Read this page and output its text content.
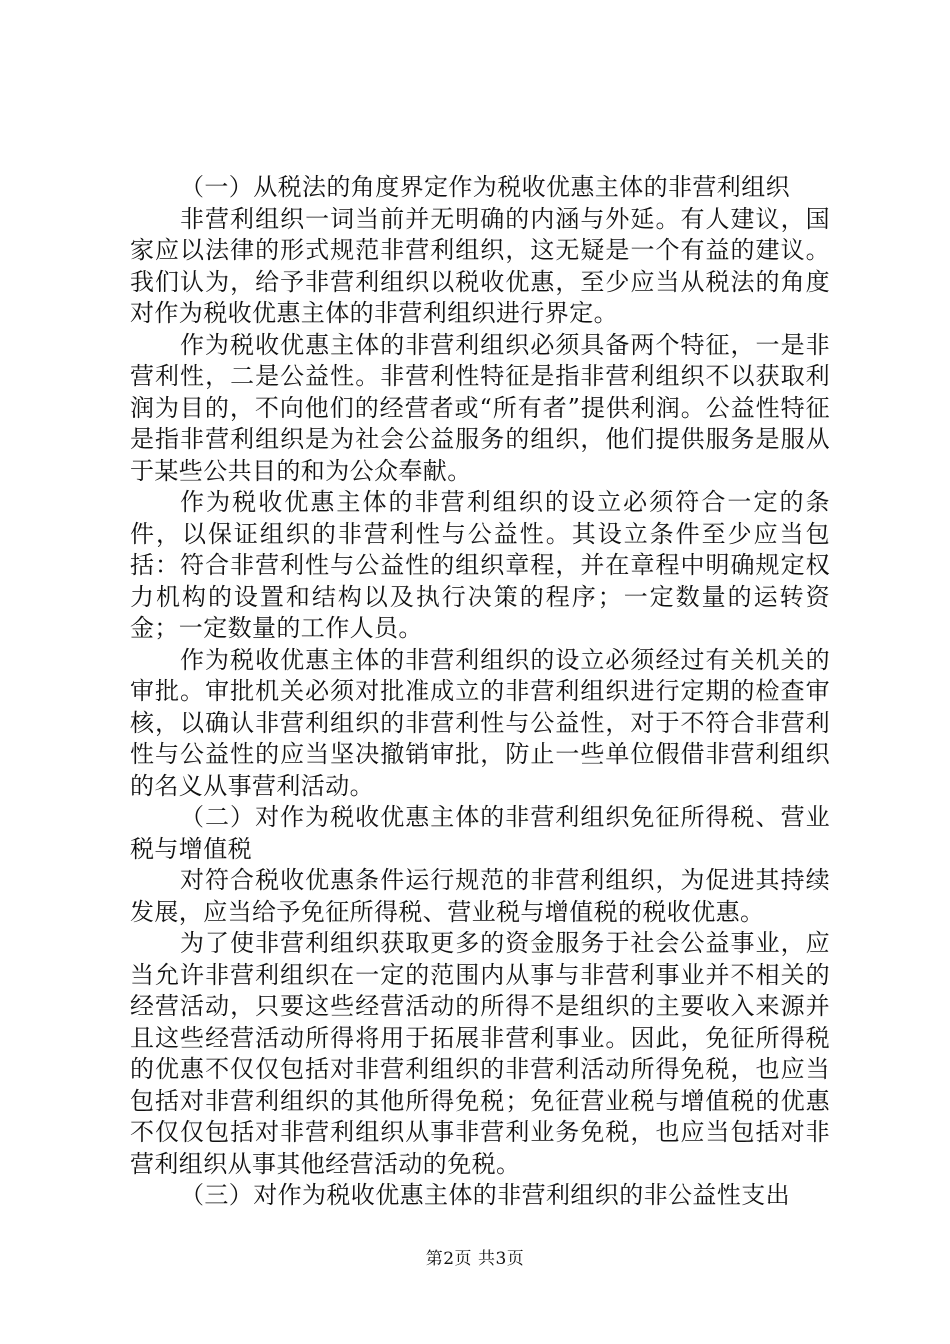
（一）从税法的角度界定作为税收优惠主体的非营利组织

非营利组织一词当前并无明确的内涵与外延。有人建议，国家应以法律的形式规范非营利组织，这无疑是一个有益的建议。我们认为，给予非营利组织以税收优惠，至少应当从税法的角度对作为税收优惠主体的非营利组织进行界定。

作为税收优惠主体的非营利组织必须具备两个特征，一是非营利性，二是公益性。非营利性特征是指非营利组织不以获取利润为目的，不向他们的经营者或“所有者”提供利润。公益性特征是指非营利组织是为社会公益服务的组织，他们提供服务是服从于某些公共目的和为公众奉献。

作为税收优惠主体的非营利组织的设立必须符合一定的条件，以保证组织的非营利性与公益性。其设立条件至少应当包括：符合非营利性与公益性的组织章程，并在章程中明确规定权力机构的设置和结构以及执行决策的程序；一定数量的运转资金；一定数量的工作人员。

作为税收优惠主体的非营利组织的设立必须经过有关机关的审批。审批机关必须对批准成立的非营利组织进行定期的检查审核，以确认非营利组织的非营利性与公益性，对于不符合非营利性与公益性的应当坚决撤销审批，防止一些单位假借非营利组织的名义从事营利活动。

（二）对作为税收优惠主体的非营利组织免征所得税、营业税与增值税

对符合税收优惠条件运行规范的非营利组织，为促进其持续发展，应当给予免征所得税、营业税与增值税的税收优惠。

为了使非营利组织获取更多的资金服务于社会公益事业，应当允许非营利组织在一定的范围内从事与非营利事业并不相关的经营活动，只要这些经营活动的所得不是组织的主要收入来源并且这些经营活动所得将用于拓展非营利事业。因此，免征所得税的优惠不仅仅包括对非营利组织的非营利活动所得免税，也应当包括对非营利组织的其他所得免税；免征营业税与增值税的优惠不仅仅包括对非营利组织从事非营利业务免税，也应当包括对非营利组织从事其他经营活动的免税。

（三）对作为税收优惠主体的非营利组织的非公益性支出

第2页 共3页
